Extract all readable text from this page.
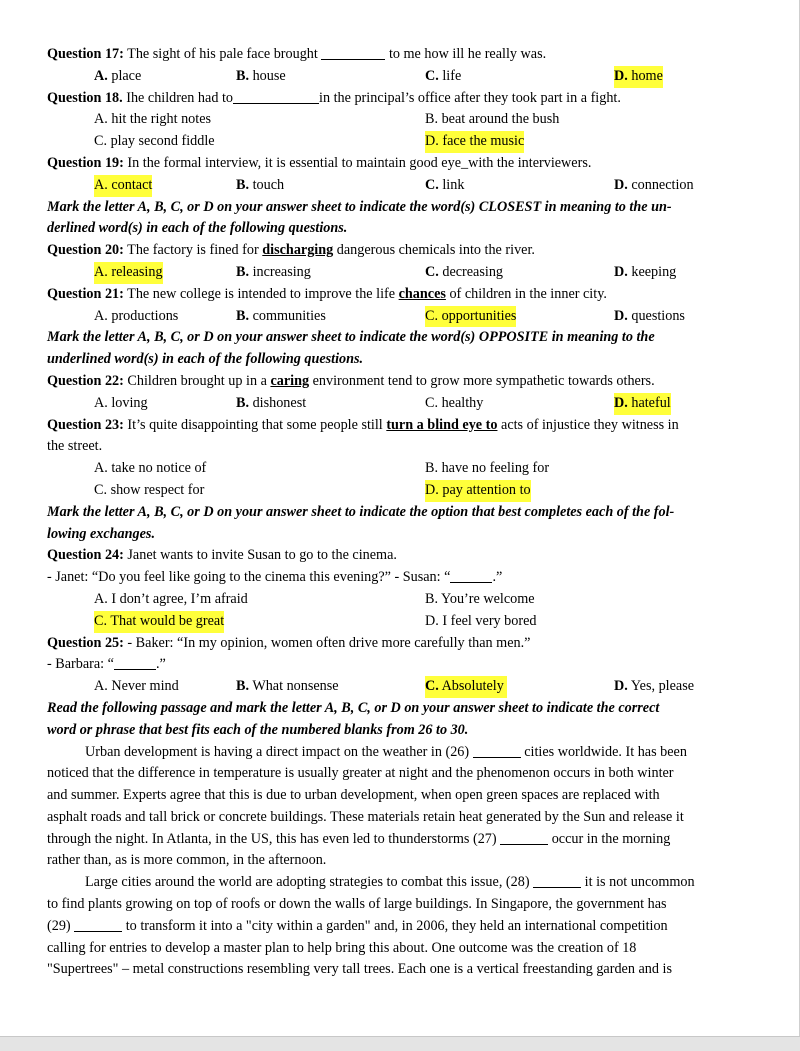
Question 17: The sight of his pale face brought	to me how ill he really was.
A. place	B. house	C. life	D. home
Question 18. Ihe children had to	in the principal’s office after they took part in a fight.
A. hit the right notes	B. beat around the bush
C. play second fiddle	D. face the music
Question 19: In the formal interview, it is essential to maintain good eye_with the interviewers.
A. contact	B. touch	C. link	D. connection
Mark the letter A, B, C, or D on your answer sheet to indicate the word(s) CLOSEST in meaning to the un-
derlined word(s) in each of the following questions.
Question 20: The factory is fined for discharging dangerous chemicals into the river.
A. releasing	B. increasing	C. decreasing	D. keeping
Question 21: The new college is intended to improve the life chances of children in the inner city.
A. productions	B. communities	C. opportunities	D. questions
Mark the letter A, B, C, or D on your answer sheet to indicate the word(s) OPPOSITE in meaning to the
underlined word(s) in each of the following questions.
Question 22: Children brought up in a caring environment tend to grow more sympathetic towards others.
A. loving	B. dishonest	C. healthy	D. hateful
Question 23: It’s quite disappointing that some people still turn a blind eye to acts of injustice they witness in
the street.
A. take no notice of	B. have no feeling for
C. show respect for	D. pay attention to
Mark the letter A, B, C, or D on your answer sheet to indicate the option that best completes each of the fol-
lowing exchanges.
Question 24: Janet wants to invite Susan to go to the cinema.
- Janet: “Do you feel like going to the cinema this evening?” - Susan: “	.”
A. I don’t agree, I’m afraid	B. You’re welcome
C. That would be great	D. I feel very bored
Question 25: - Baker: “In my opinion, women often drive more carefully than men.”
- Barbara: “	.”
A. Never mind	B. What nonsense	C. Absolutely	D. Yes, please
Read the following passage and mark the letter A, B, C, or D on your answer sheet to indicate the correct
word or phrase that best fits each of the numbered blanks from 26 to 30.
Urban development is having a direct impact on the weather in (26)	cities worldwide. It has been
noticed that the difference in temperature is usually greater at night and the phenomenon occurs in both winter
and summer. Experts agree that this is due to urban development, when open green spaces are replaced with
asphalt roads and tall brick or concrete buildings. These materials retain heat generated by the Sun and release it
through the night. In Atlanta, in the US, this has even led to thunderstorms (27)	occur in the morning
rather than, as is more common, in the afternoon.
Large cities around the world are adopting strategies to combat this issue, (28)	it is not uncommon
to find plants growing on top of roofs or down the walls of large buildings. In Singapore, the government has
(29)	to transform it into a "city within a garden" and, in 2006, they held an international competition
calling for entries to develop a master plan to help bring this about. One outcome was the creation of 18
"Supertrees" – metal constructions resembling very tall trees. Each one is a vertical freestanding garden and is
